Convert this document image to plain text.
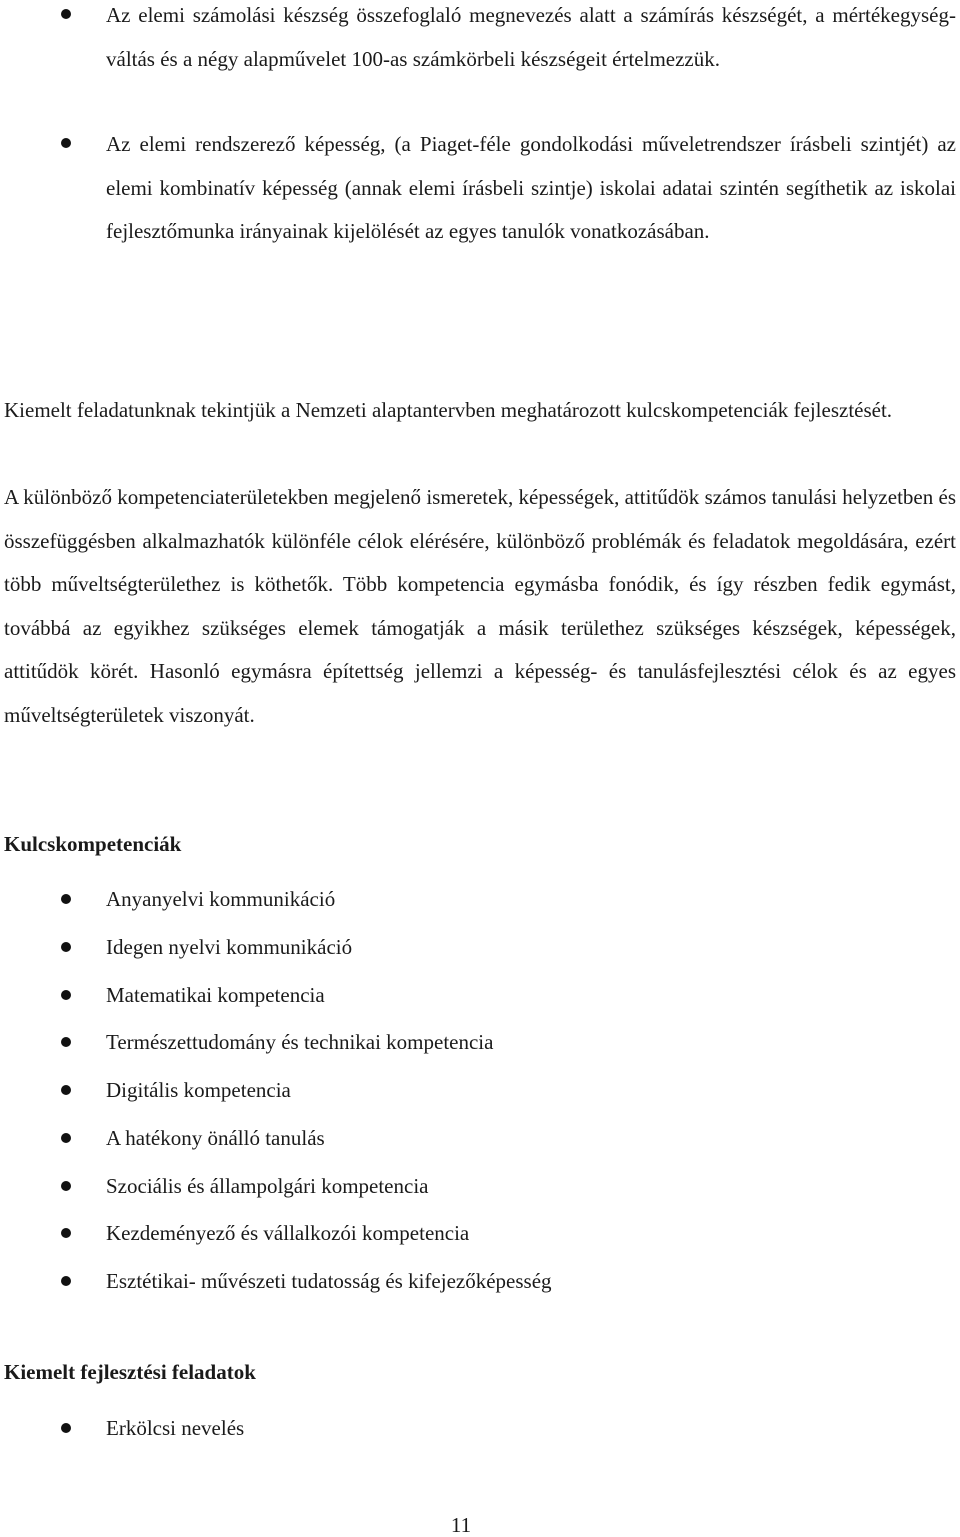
Az elemi számolási készség összefoglaló megnevezés alatt a számírás készségét, a mértékegység-váltás és a négy alapművelet 100-as számkörbeli készségeit értelmezzük.
Az elemi rendszerező képesség, (a Piaget-féle gondolkodási műveletrendszer írásbeli szintjét) az elemi kombinatív képesség (annak elemi írásbeli szintje) iskolai adatai szintén segíthetik az iskolai fejlesztőmunka irányainak kijelölését az egyes tanulók vonatkozásában.
Kiemelt feladatunknak tekintjük a Nemzeti alaptantervben meghatározott kulcskompetenciák fejlesztését.
A különböző kompetenciaterületekben megjelenő ismeretek, képességek, attitűdök számos tanulási helyzetben és összefüggésben alkalmazhatók különféle célok elérésére, különböző problémák és feladatok megoldására, ezért több műveltségterülethez is köthetők. Több kompetencia egymásba fonódik, és így részben fedik egymást, továbbá az egyikhez szükséges elemek támogatják a másik területhez szükséges készségek, képességek, attitűdök körét. Hasonló egymásra építettség jellemzi a képesség- és tanulásfejlesztési célok és az egyes műveltségterületek viszonyát.
Kulcskompetenciák
Anyanyelvi kommunikáció
Idegen nyelvi kommunikáció
Matematikai kompetencia
Természettudomány és technikai kompetencia
Digitális kompetencia
A hatékony önálló tanulás
Szociális és állampolgári kompetencia
Kezdeményező és vállalkozói kompetencia
Esztétikai- művészeti tudatosság és kifejezőképesség
Kiemelt fejlesztési feladatok
Erkölcsi nevelés
11
